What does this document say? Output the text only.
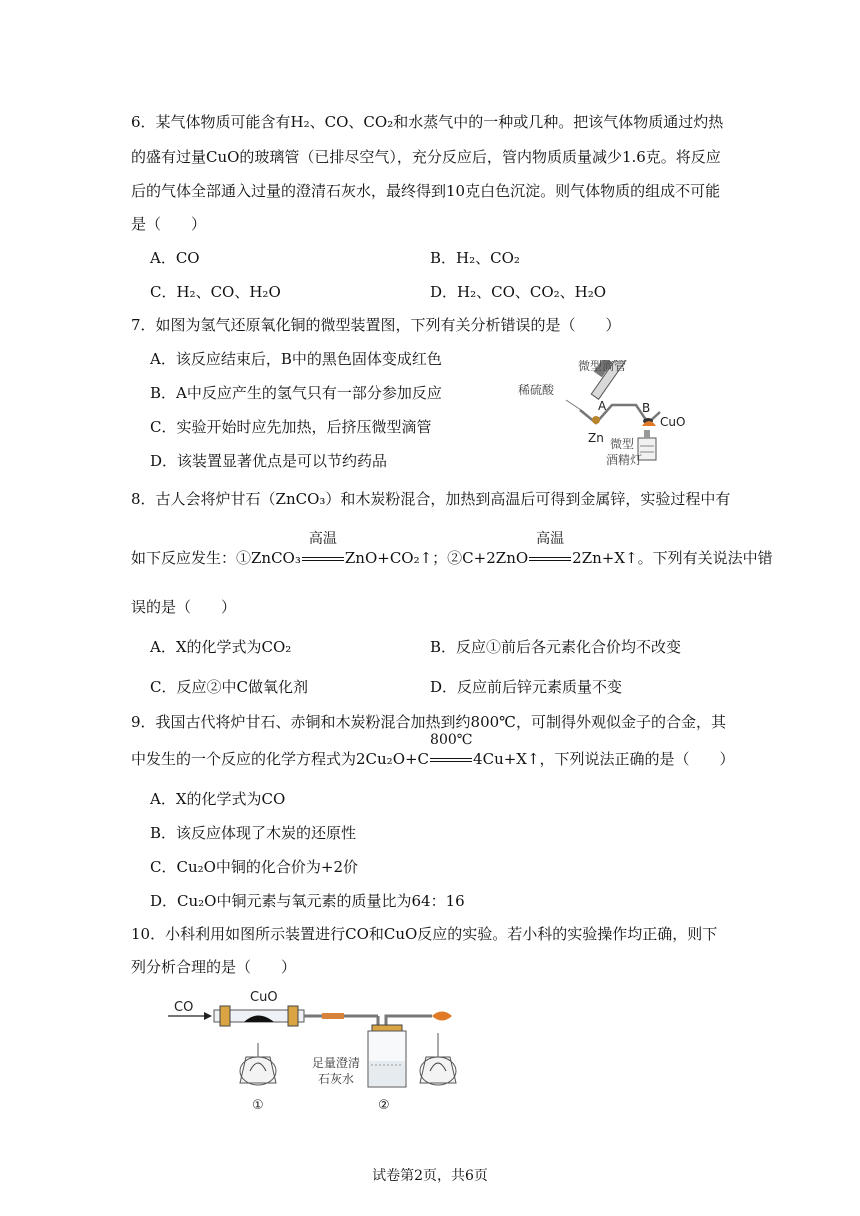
6．某气体物质可能含有H₂、CO、CO₂和水蒸气中的一种或几种。把该气体物质通过灼热
的盛有过量CuO的玻璃管（已排尽空气），充分反应后，管内物质质量减少1.6克。将反应
后的气体全部通入过量的澄清石灰水，最终得到10克白色沉淀。则气体物质的组成不可能
是（　　）
A．CO	B．H₂、CO₂
C．H₂、CO、H₂O	D．H₂、CO、CO₂、H₂O
7．如图为氢气还原氧化铜的微型装置图，下列有关分析错误的是（　　）
A．该反应结束后，B中的黑色固体变成红色
B．A中反应产生的氢气只有一部分参加反应
C．实验开始时应先加热，后挤压微型滴管
D．该装置显著优点是可以节约药品
微型滴管
稀硫酸
A	B
CuO
Zn 微型
酒精灯
8．古人会将炉甘石（ZnCO₃）和木炭粉混合，加热到高温后可得到金属锌，实验过程中有
如下反应发生：①ZnCO₃
高温
ZnO+CO₂↑；②C+2ZnO
高温
2Zn+X↑。下列有关说法中错
误的是（　　）
A．X的化学式为CO₂	B．反应①前后各元素化合价均不改变
C．反应②中C做氧化剂	D．反应前后锌元素质量不变
9．我国古代将炉甘石、赤铜和木炭粉混合加热到约800℃，可制得外观似金子的合金，其
中发生的一个反应的化学方程式为2Cu₂O+C
800℃
4Cu+X↑，下列说法正确的是（　　）
A．X的化学式为CO
B．该反应体现了木炭的还原性
C．Cu₂O中铜的化合价为+2价
D．Cu₂O中铜元素与氧元素的质量比为64：16
10．小科利用如图所示装置进行CO和CuO反应的实验。若小科的实验操作均正确，则下
列分析合理的是（　　）
CO
CuO
足量澄清
石灰水
①	②
试卷第2页，共6页
